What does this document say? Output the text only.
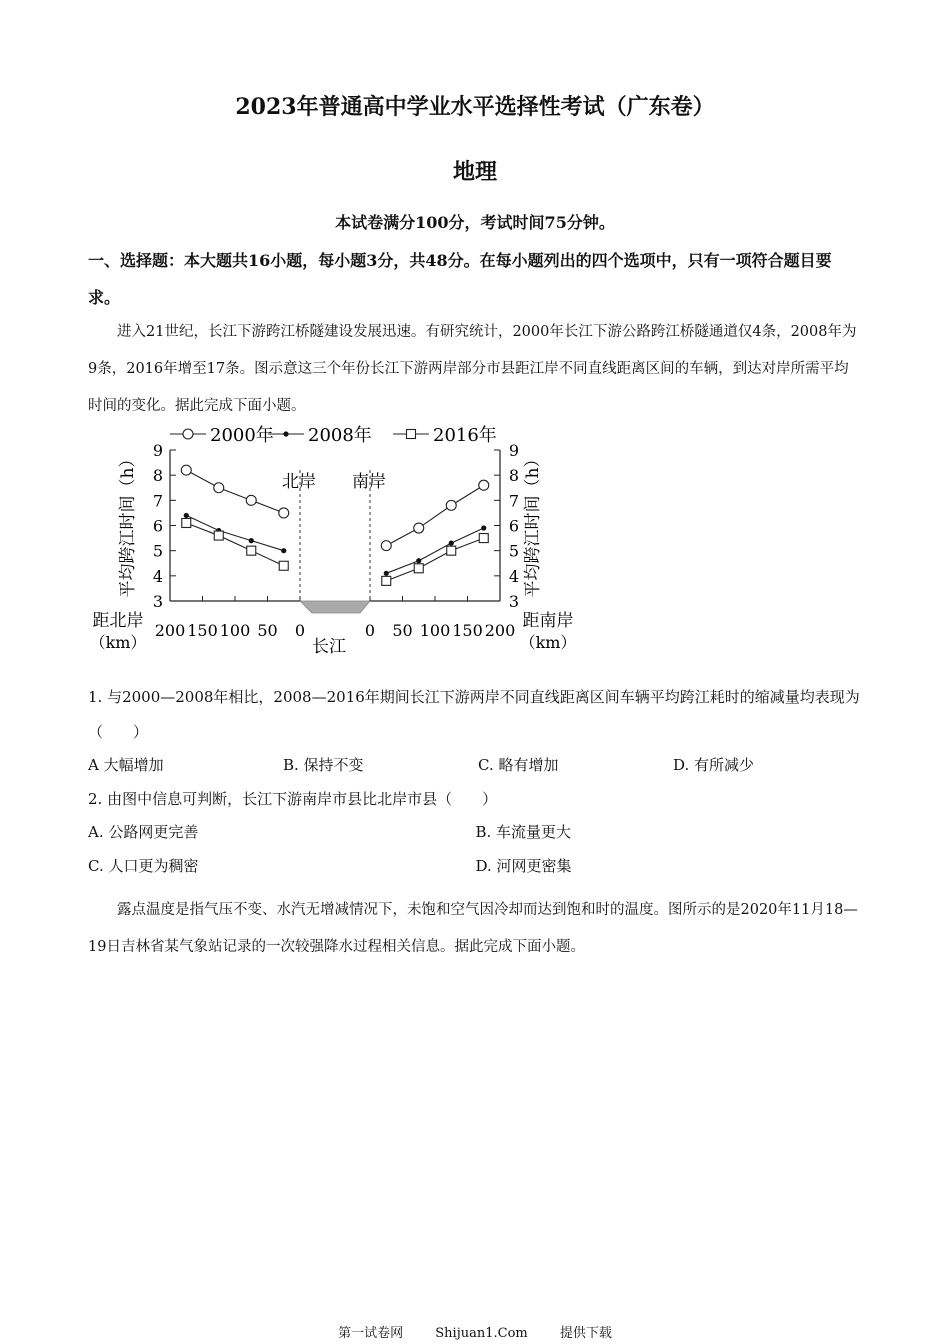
2023年普通高中学业水平选择性考试（广东卷）
地理
本试卷满分100分，考试时间75分钟。
一、选择题：本大题共16小题，每小题3分，共48分。在每小题列出的四个选项中，只有一项符合题目要求。
进入21世纪，长江下游跨江桥隧建设发展迅速。有研究统计，2000年长江下游公路跨江桥隧通道仅4条，2008年为9条，2016年增至17条。图示意这三个年份长江下游两岸部分市县距江岸不同直线距离区间的车辆，到达对岸所需平均时间的变化。据此完成下面小题。
2000年 2008年	2016年
3	3
4	4
5	5
6	6
7	7
8	8
9	9
200 150 100 50 0	0 50 100 150 200
北岸 南岸
长江
距北岸
（km）
距南岸
（km）
平均跨江时间（h）	平均跨江时间（h）
1. 与2000—2008年相比，2008—2016年期间长江下游两岸不同直线距离区间车辆平均跨江耗时的缩减量均表现为（　　）
A 大幅增加	B. 保持不变	C. 略有增加	D. 有所减少
2. 由图中信息可判断，长江下游南岸市县比北岸市县（　　）
A. 公路网更完善	B. 车流量更大
C. 人口更为稠密	D. 河网更密集
露点温度是指气压不变、水汽无增减情况下，未饱和空气因冷却而达到饱和时的温度。图所示的是2020年11月18—19日吉林省某气象站记录的一次较强降水过程相关信息。据此完成下面小题。
第一试卷网 Shijuan1.Com 提供下载
